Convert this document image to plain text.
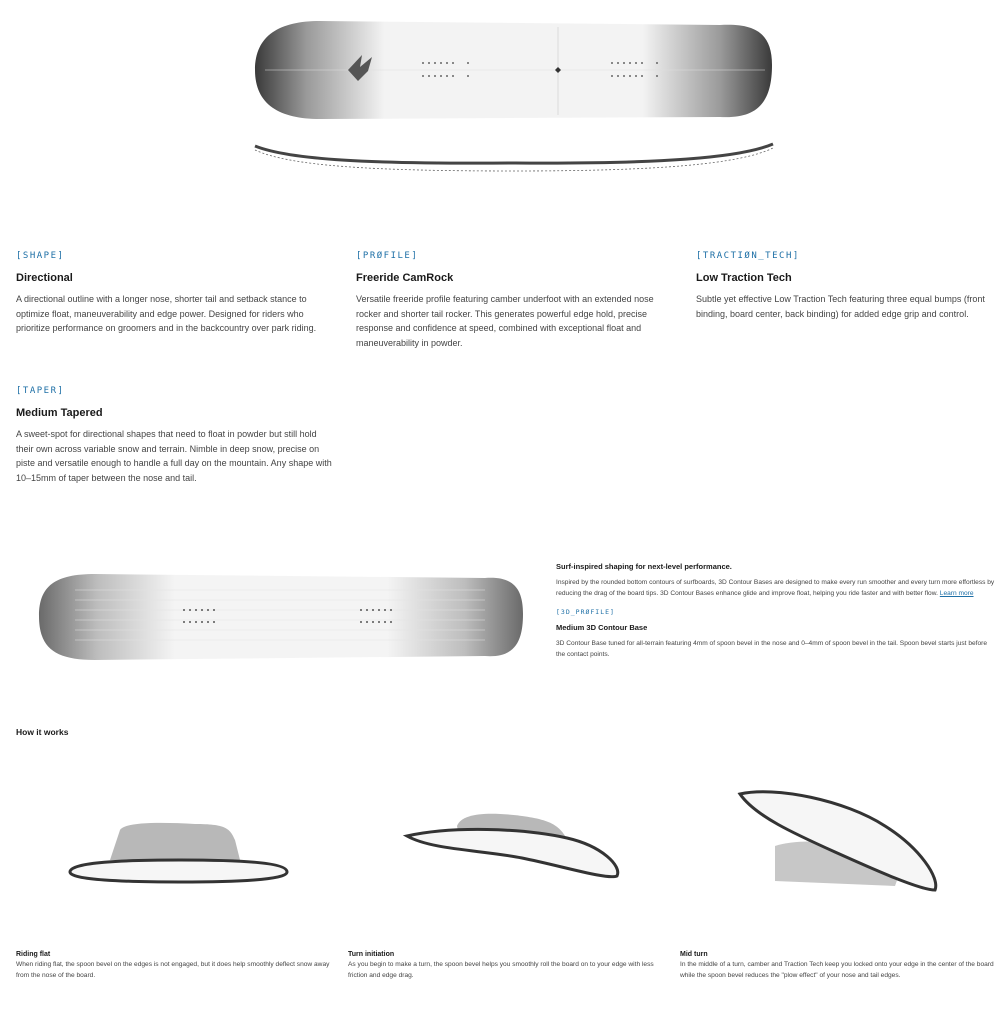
[SHAPE]
Directional
A directional outline with a longer nose, shorter tail and setback stance to optimize float, maneuverability and edge power. Designed for riders who prioritize performance on groomers and in the backcountry over park riding.
[PRØFILE]
Freeride CamRock
Versatile freeride profile featuring camber underfoot with an extended nose rocker and shorter tail rocker. This generates powerful edge hold, precise response and confidence at speed, combined with exceptional float and maneuverability in powder.
[TRACTIØN_TECH]
Low Traction Tech
Subtle yet effective Low Traction Tech featuring three equal bumps (front binding, board center, back binding) for added edge grip and control.
[TAPER]
Medium Tapered
A sweet-spot for directional shapes that need to float in powder but still hold their own across variable snow and terrain. Nimble in deep snow, precise on piste and versatile enough to handle a full day on the mountain. Any shape with 10–15mm of taper between the nose and tail.
Surf-inspired shaping for next-level performance.
Inspired by the rounded bottom contours of surfboards, 3D Contour Bases are designed to make every run smoother and every turn more effortless by reducing the drag of the board tips. 3D Contour Bases enhance glide and improve float, helping you ride faster and with better flow. Learn more
[3D_PRØFILE]
Medium 3D Contour Base
3D Contour Base tuned for all-terrain featuring 4mm of spoon bevel in the nose and 0–4mm of spoon bevel in the tail. Spoon bevel starts just before the contact points.
How it works
Riding flat
When riding flat, the spoon bevel on the edges is not engaged, but it does help smoothly deflect snow away from the nose of the board.
Turn initiation
As you begin to make a turn, the spoon bevel helps you smoothly roll the board on to your edge with less friction and edge drag.
Mid turn
In the middle of a turn, camber and Traction Tech keep you locked onto your edge in the center of the board while the spoon bevel reduces the "plow effect" of your nose and tail edges.
